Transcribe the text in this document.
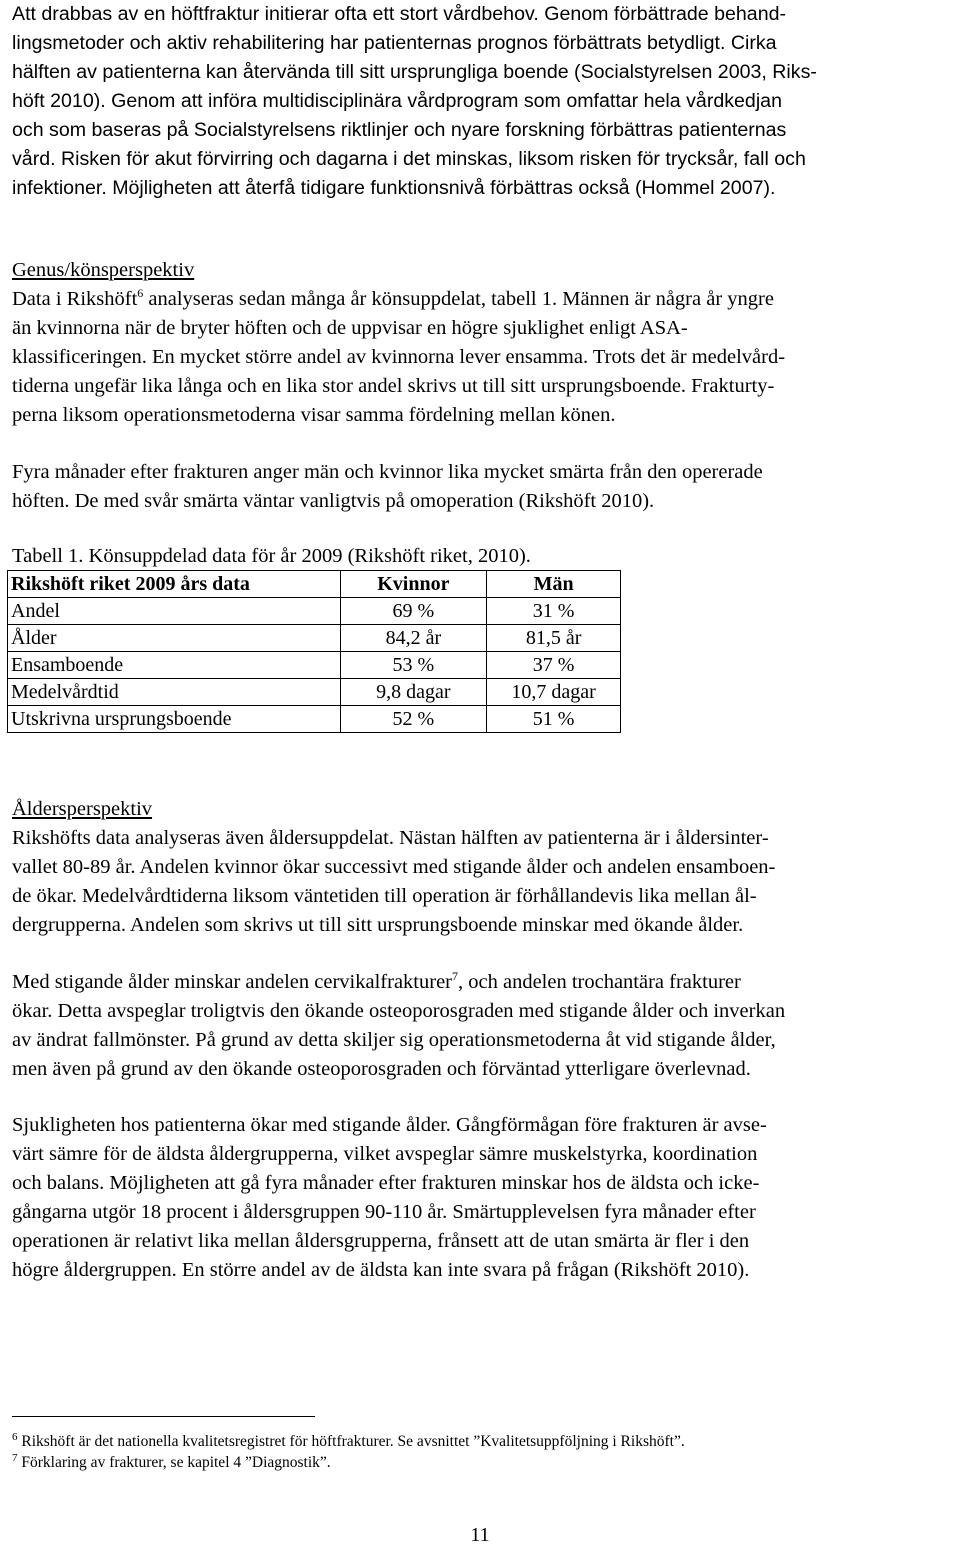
Att drabbas av en höftfraktur initierar ofta ett stort vårdbehov. Genom förbättrade behand-
lingsmetoder och aktiv rehabilitering har patienternas prognos förbättrats betydligt. Cirka
hälften av patienterna kan återvända till sitt ursprungliga boende (Socialstyrelsen 2003, Riks-
höft 2010). Genom att införa multidisciplinära vårdprogram som omfattar hela vårdkedjan
och som baseras på Socialstyrelsens riktlinjer och nyare forskning förbättras patienternas
vård. Risken för akut förvirring och dagarna i det minskas, liksom risken för trycksår, fall och
infektioner. Möjligheten att återfå tidigare funktionsnivå förbättras också (Hommel 2007).
Genus/könsperspektiv
Data i Rikshöft$^6$ analyseras sedan många år könsuppdelat, tabell 1. Männen är några år yngre
än kvinnorna när de bryter höften och de uppvisar en högre sjuklighet enligt ASA-
klassificeringen. En mycket större andel av kvinnorna lever ensamma. Trots det är medelvård-
tiderna ungefär lika långa och en lika stor andel skrivs ut till sitt ursprungsboende. Frakturty-
perna liksom operationsmetoderna visar samma fördelning mellan könen.
Fyra månader efter frakturen anger män och kvinnor lika mycket smärta från den opererade
höften. De med svår smärta väntar vanligtvis på omoperation (Rikshöft 2010).
Tabell 1. Könsuppdelad data för år 2009 (Rikshöft riket, 2010).
Rikshöft riket 2009 års data	Kvinnor	Män
Andel	69 %	31 %
Ålder	84,2 år	81,5 år
Ensamboende	53 %	37 %
Medelvårdtid	9,8 dagar	10,7 dagar
Utskrivna ursprungsboende	52 %	51 %
Åldersperspektiv
Rikshöfts data analyseras även åldersuppdelat. Nästan hälften av patienterna är i åldersinter-
vallet 80-89 år. Andelen kvinnor ökar successivt med stigande ålder och andelen ensamboen-
de ökar. Medelvårdtiderna liksom väntetiden till operation är förhållandevis lika mellan ål-
dergrupperna. Andelen som skrivs ut till sitt ursprungsboende minskar med ökande ålder.
Med stigande ålder minskar andelen cervikalfrakturer$^7$, och andelen trochantära frakturer
ökar. Detta avspeglar troligtvis den ökande osteoporosgraden med stigande ålder och inverkan
av ändrat fallmönster. På grund av detta skiljer sig operationsmetoderna åt vid stigande ålder,
men även på grund av den ökande osteoporosgraden och förväntad ytterligare överlevnad.
Sjukligheten hos patienterna ökar med stigande ålder. Gångförmågan före frakturen är avse-
värt sämre för de äldsta åldergrupperna, vilket avspeglar sämre muskelstyrka, koordination
och balans. Möjligheten att gå fyra månader efter frakturen minskar hos de äldsta och icke-
gångarna utgör 18 procent i åldersgruppen 90-110 år. Smärtupplevelsen fyra månader efter
operationen är relativt lika mellan åldersgrupperna, frånsett att de utan smärta är fler i den
högre åldergruppen. En större andel av de äldsta kan inte svara på frågan (Rikshöft 2010).
$^6$ Rikshöft är det nationella kvalitetsregistret för höftfrakturer. Se avsnittet ”Kvalitetsuppföljning i Rikshöft”.
$^7$ Förklaring av frakturer, se kapitel 4 ”Diagnostik”.
11
